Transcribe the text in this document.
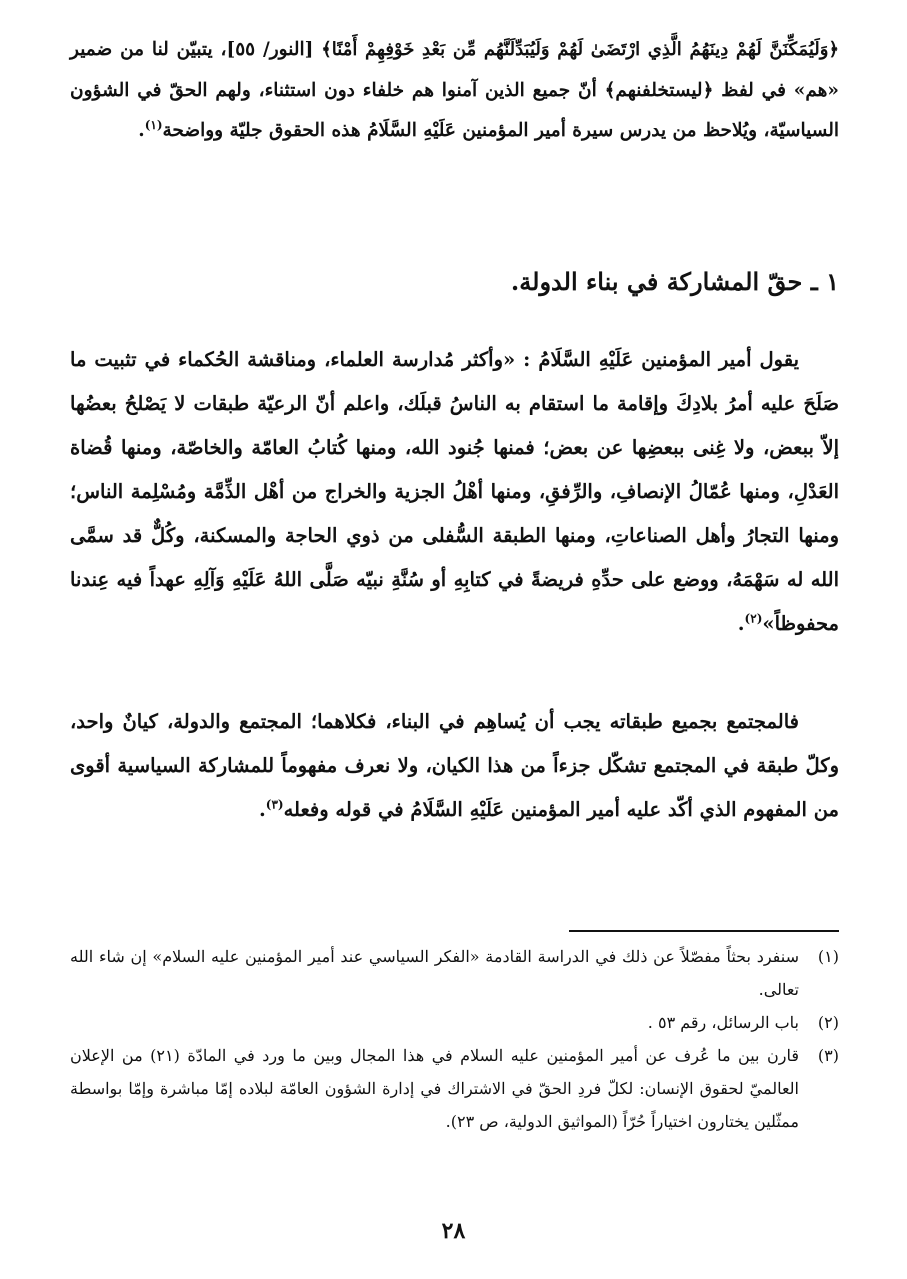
﴿وَلَيُمَكِّنَنَّ لَهُمْ دِينَهُمُ الَّذِي ارْتَضَىٰ لَهُمْ وَلَيُبَدِّلَنَّهُم مِّن بَعْدِ خَوْفِهِمْ أَمْنًا﴾ [النور/ ٥٥]، يتبيّن لنا من ضمير «هم» في لفظ ﴿ليستخلفنهم﴾ أنّ جميع الذين آمنوا هم خلفاء دون استثناء، ولهم الحقّ في الشؤون السياسيّة، ويُلاحظ من يدرس سيرة أمير المؤمنين عَلَيْهِ السَّلَامُ هذه الحقوق جليّة وواضحة$^{(١)}$.
١ ـ حقّ المشاركة في بناء الدولة.
يقول أمير المؤمنين عَلَيْهِ السَّلَامُ : «وأكثر مُدارسة العلماء، ومناقشة الحُكماء في تثبيت ما صَلَحَ عليه أمرُ بلادِكَ وإقامة ما استقام به الناسُ قبلَك، واعلم أنّ الرعيّة طبقات لا يَصْلحُ بعضُها إلاّ ببعض، ولا غِنى ببعضِها عن بعض؛ فمنها جُنود الله، ومنها كُتابُ العامّة والخاصّة، ومنها قُضاة العَدْلِ، ومنها عُمّالُ الإنصافِ، والرِّفقِ، ومنها أهْلُ الجزية والخراج من أهْل الذِّمَّة ومُسْلِمة الناس؛ ومنها التجارُ وأهل الصناعاتِ، ومنها الطبقة السُّفلى من ذوي الحاجة والمسكنة، وكُلٌّ قد سمَّى الله له سَهْمَهُ، ووضع على حدِّهِ فريضةً في كتابِهِ أو سُنَّةِ نبيّه صَلَّى اللهُ عَلَيْهِ وَآلِهِ عهداً فيه عِندنا محفوظاً»$^{(٢)}$.
فالمجتمع بجميع طبقاته يجب أن يُساهِم في البناء، فكلاهما؛ المجتمع والدولة، كيانٌ واحد، وكلّ طبقة في المجتمع تشكّل جزءاً من هذا الكيان، ولا نعرف مفهوماً للمشاركة السياسية أقوى من المفهوم الذي أكّد عليه أمير المؤمنين عَلَيْهِ السَّلَامُ في قوله وفعله$^{(٣)}$.
(١)
سنفرد بحثاً مفصّلاً عن ذلك في الدراسة القادمة «الفكر السياسي عند أمير المؤمنين عليه السلام» إن شاء الله تعالى.
(٢)
باب الرسائل، رقم ٥٣ .
(٣)
قارن بين ما عُرف عن أمير المؤمنين عليه السلام في هذا المجال وبين ما ورد في المادّة (٢١) من الإعلان العالميّ لحقوق الإنسان: لكلّ فردِ الحقّ في الاشتراك في إدارة الشؤون العامّة لبلاده إمّا مباشرة وإمّا بواسطة ممثّلين يختارون اختياراً حُرّاً (المواثيق الدولية، ص ٢٣).
٢٨
